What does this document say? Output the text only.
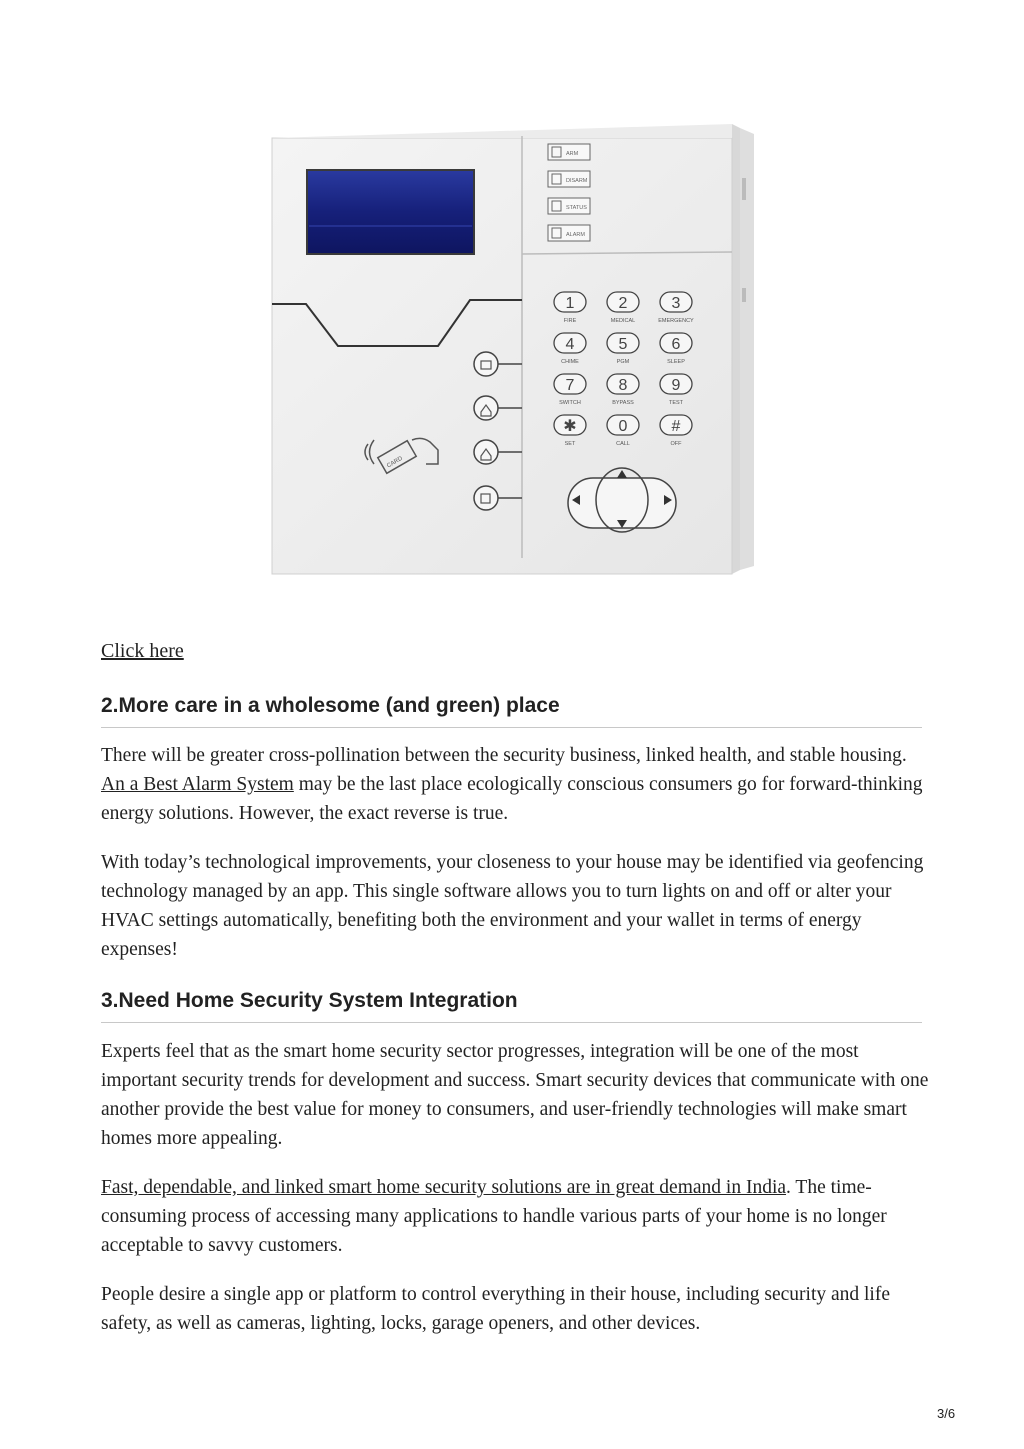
CARD
ARM
DISARM
STATUS
ALARM
1
FIRE
2
MEDICAL
3
EMERGENCY
4
CHIME
5
PGM
6
SLEEP
7
SWITCH
8
BYPASS
9
TEST
✱
SET
0
CALL
#
OFF
Click here
2.More care in a wholesome (and green) place

There will be greater cross-pollination between the security business, linked health, and stable housing. An a Best Alarm System may be the last place ecologically conscious consumers go for forward-thinking energy solutions. However, the exact reverse is true.

With today’s technological improvements, your closeness to your house may be identified via geofencing technology managed by an app. This single software allows you to turn lights on and off or alter your HVAC settings automatically, benefiting both the environment and your wallet in terms of energy expenses!

3.Need Home Security System Integration

Experts feel that as the smart home security sector progresses, integration will be one of the most important security trends for development and success. Smart security devices that communicate with one another provide the best value for money to consumers, and user-friendly technologies will make smart homes more appealing.

Fast, dependable, and linked smart home security solutions are in great demand in India. The time-consuming process of accessing many applications to handle various parts of your home is no longer acceptable to savvy customers.

People desire a single app or platform to control everything in their house, including security and life safety, as well as cameras, lighting, locks, garage openers, and other devices.

3/6
